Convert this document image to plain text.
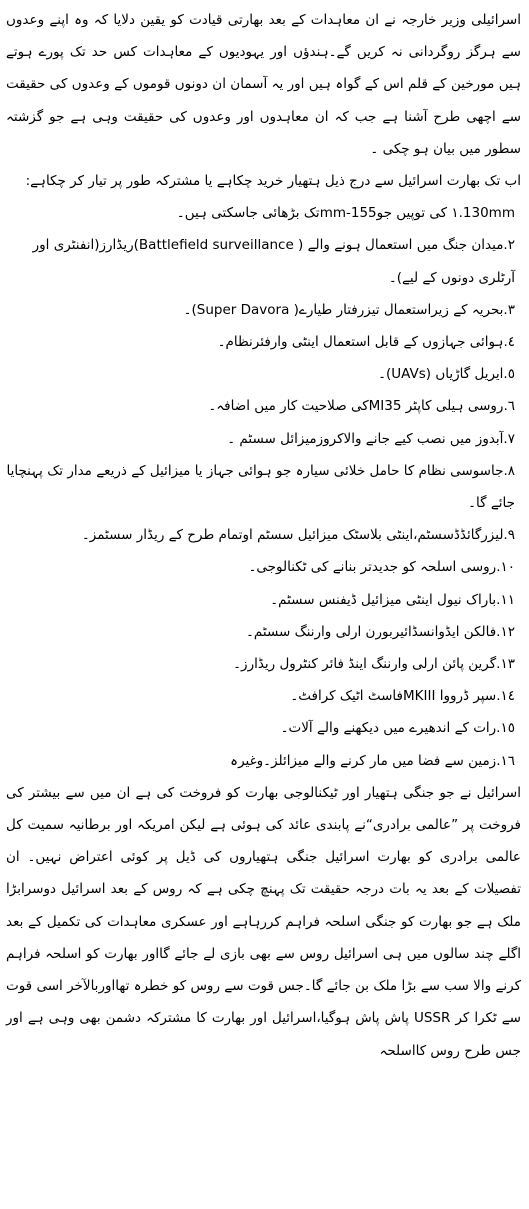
اسرائیلی وزیر خارجہ نے ان معاہدات کے بعد بھارتی قیادت کو یقین دلایا کہ وہ اپنے وعدوں سے ہرگز روگردانی نہ کریں گے۔ہندؤں اور یہودیوں کے معاہدات کس حد تک پورے ہوتے ہیں مورخین کے قلم اس کے گواہ ہیں اور یہ آسمان ان دونوں قوموں کے وعدوں کی حقیقت سے اچھی طرح آشنا ہے جب کہ ان معاہدوں اور وعدوں کی حقیقت وہی ہے جو گزشتہ سطور میں بیان ہو چکی ۔

اب تک بھارت اسرائیل سے درج ذیل ہتھیار خرید چکاہے یا مشترکہ طور پر تیار کر چکاہے:

۱.130mm کی توپیں جو155-mmتک بڑھائی جاسکتی ہیں۔

۲.میدان جنگ میں استعمال ہونے والے ( Battlefield surveillance)ریڈارز(انفنٹری اور آرٹلری دونوں کے لیے)۔

۳.بحریہ کے زیراستعمال تیزرفتار طیارے( Super Davora)۔

٤.ہوائی جہازوں کے قابل استعمال اینٹی وارفئرنظام۔

٥.ایریل گاڑیاں (UAVs)۔

٦.روسی ہیلی کاپٹر MI35کی صلاحیت کار میں اضافہ۔

۷.آبدوز میں نصب کیے جانے والاکروزمیزائل سسٹم ۔

۸.جاسوسی نظام کا حامل خلائی سیارہ جو ہوائی جہاز یا میزائیل کے ذریعے مدار تک پہنچایا جائے گا۔

۹.لیزرگائڈڈسسٹم،اینٹی بلاسٹک میزائیل سسٹم اوتمام طرح کے ریڈار سسٹمز۔

۱۰.روسی اسلحہ کو جدیدتر بنانے کی ٹکنالوجی۔

۱۱.باراک نیول اینٹی میزائیل ڈیفنس سسٹم۔

۱۲.فالکن ایڈوانسڈائیربورن ارلی وارننگ سسٹم۔

۱۳.گرین پائن ارلی وارننگ اینڈ فائر کنٹرول ریڈارز۔

۱٤.سپر ڈرووا MKIIIفاسٹ اٹیک کرافٹ۔

۱٥.رات کے اندھیرے میں دیکھنے والے آلات۔

۱٦.زمین سے فضا میں مار کرنے والے میزائلز۔وغیرہ

اسرائیل نے جو جنگی ہتھیار اور ٹیکنالوجی بھارت کو فروخت کی ہے ان میں سے بیشتر کی فروخت پر ”عالمی برادری“نے پابندی عائد کی ہوئی ہے لیکن امریکہ اور برطانیہ سمیت کل عالمی برادری کو بھارت اسرائیل جنگی ہتھیاروں کی ڈیل پر کوئی اعتراض نہیں۔ ان تفصیلات کے بعد یہ بات درجہ حقیقت تک پہنچ چکی ہے کہ روس کے بعد اسرائیل دوسرابڑا ملک ہے جو بھارت کو جنگی اسلحہ فراہم کررہاہے اور عسکری معاہدات کی تکمیل کے بعد اگلے چند سالوں میں ہی اسرائیل روس سے بھی بازی لے جائے گااور بھارت کو اسلحہ فراہم کرنے والا سب سے بڑا ملک بن جائے گا۔جس قوت سے روس کو خطرہ تھااوربالآخر اسی قوت سے ٹکرا کر USSR پاش پاش ہوگیا،اسرائیل اور بھارت کا مشترکہ دشمن بھی وہی ہے اور جس طرح روس کااسلحہ
